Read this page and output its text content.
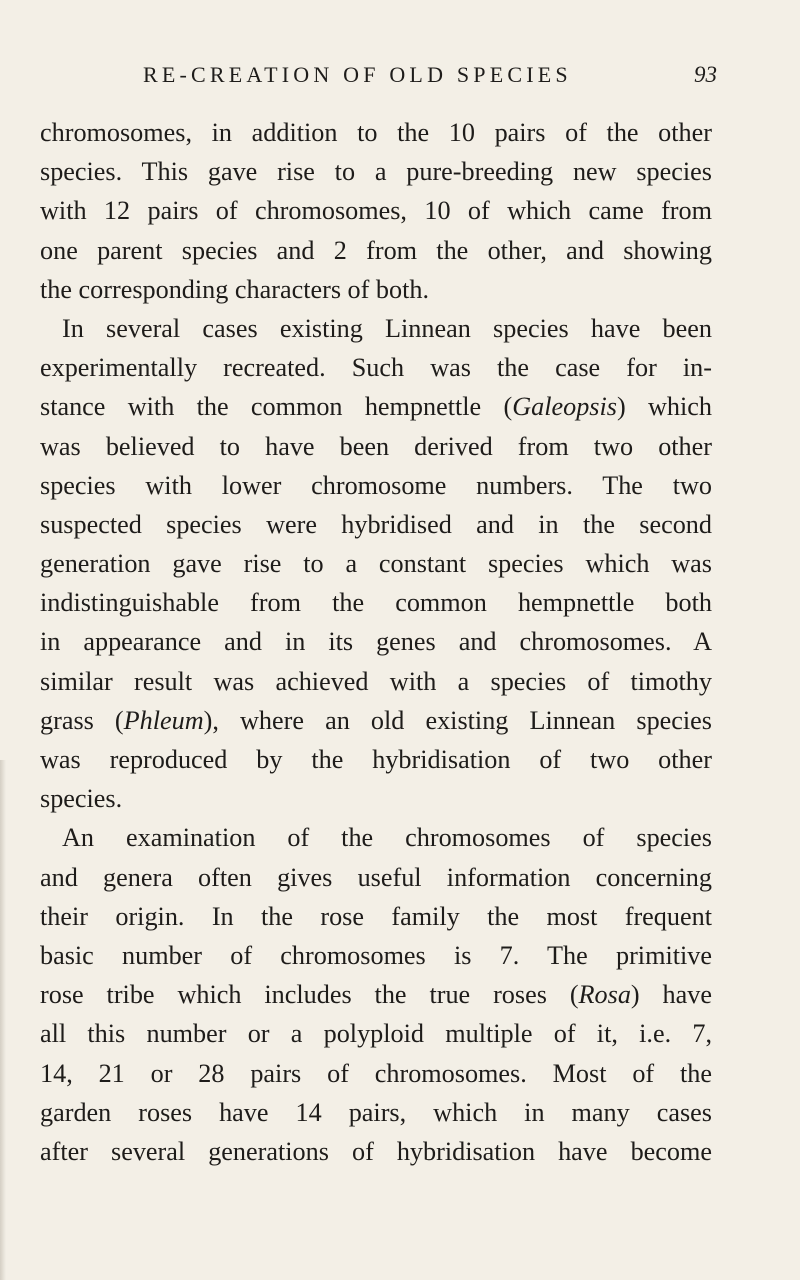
RE-CREATION OF OLD SPECIES	93
chromosomes, in addition to the 10 pairs of the other
species. This gave rise to a pure-breeding new species
with 12 pairs of chromosomes, 10 of which came from
one parent species and 2 from the other, and showing
the corresponding characters of both.
In several cases existing Linnean species have been
experimentally recreated. Such was the case for in-
stance with the common hempnettle (Galeopsis) which
was believed to have been derived from two other
species with lower chromosome numbers. The two
suspected species were hybridised and in the second
generation gave rise to a constant species which was
indistinguishable from the common hempnettle both
in appearance and in its genes and chromosomes. A
similar result was achieved with a species of timothy
grass (Phleum), where an old existing Linnean species
was reproduced by the hybridisation of two other
species.
An examination of the chromosomes of species
and genera often gives useful information concerning
their origin. In the rose family the most frequent
basic number of chromosomes is 7. The primitive
rose tribe which includes the true roses (Rosa) have
all this number or a polyploid multiple of it, i.e. 7,
14, 21 or 28 pairs of chromosomes. Most of the
garden roses have 14 pairs, which in many cases
after several generations of hybridisation have become
